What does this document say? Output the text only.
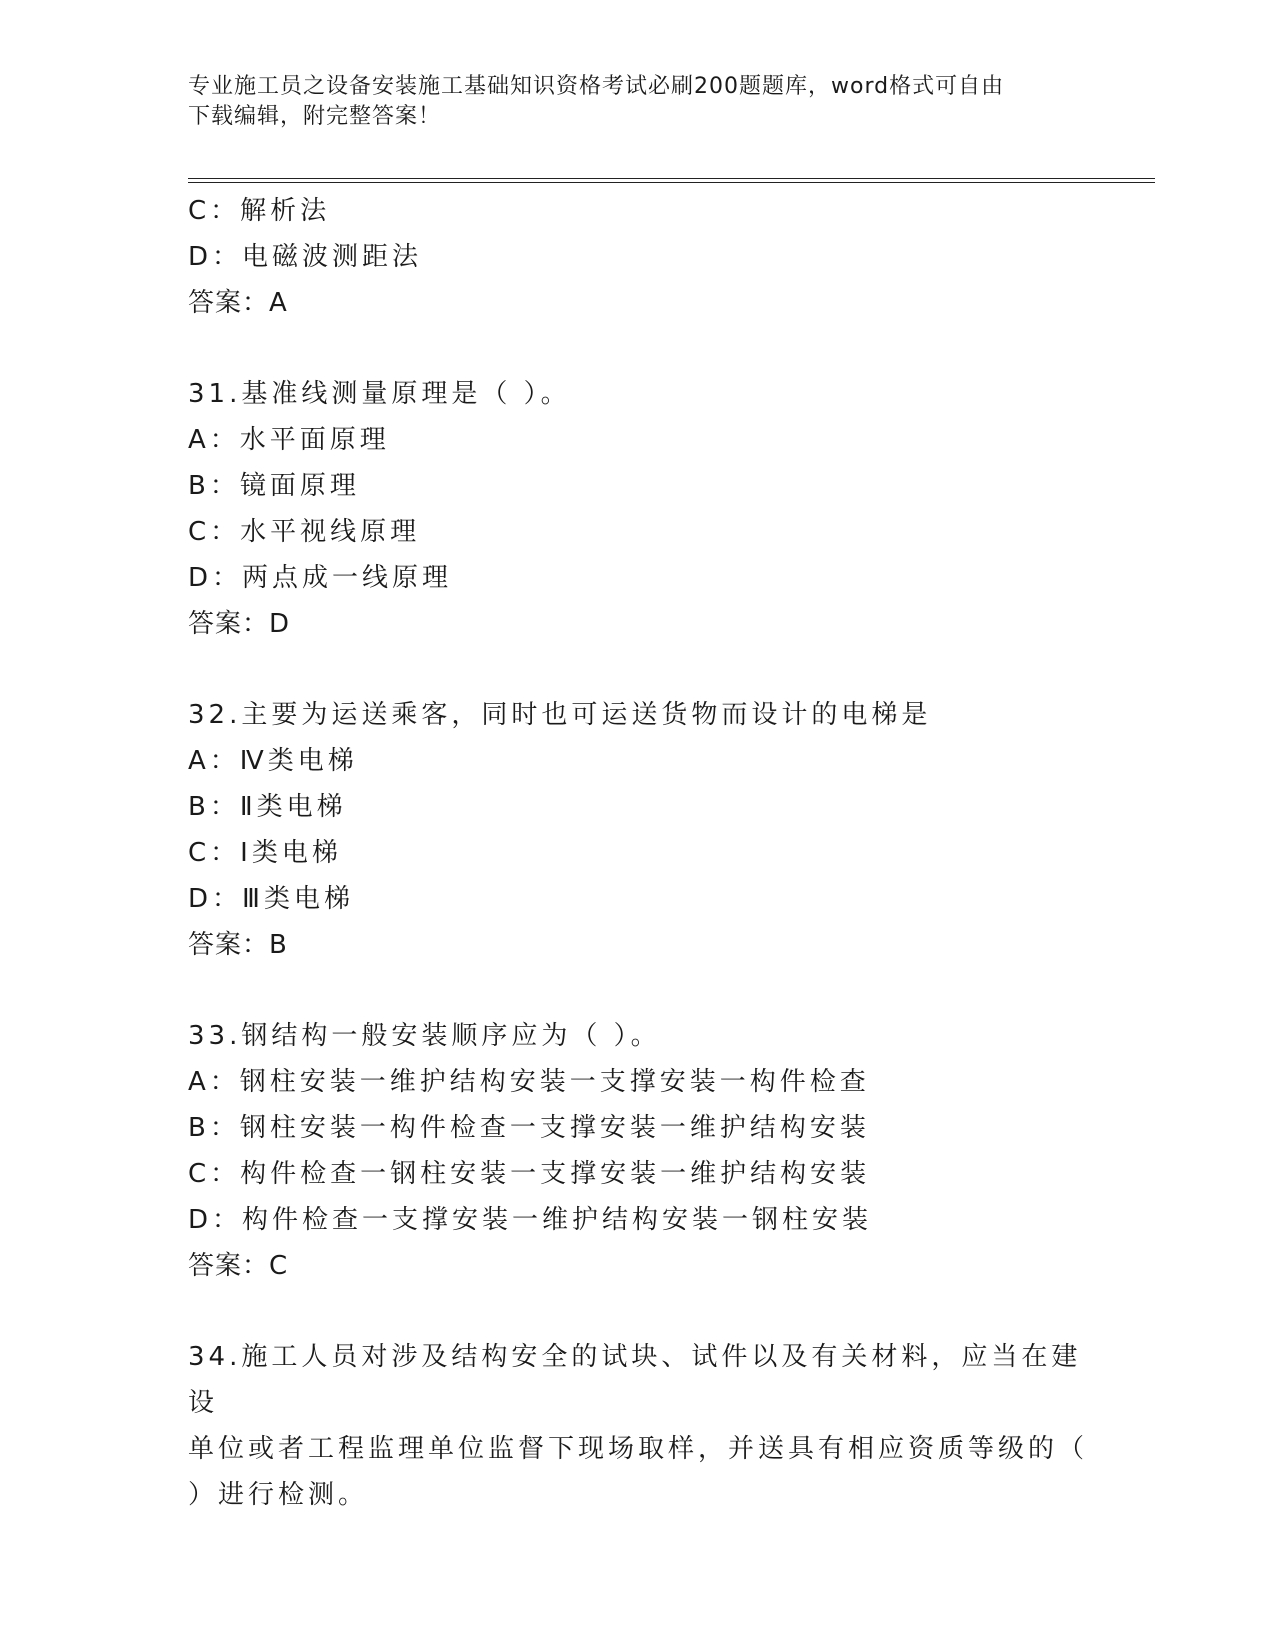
专业施工员之设备安装施工基础知识资格考试必刷200题题库，word格式可自由
下载编辑，附完整答案！
C：解析法
D：电磁波测距法
答案：A
31.基准线测量原理是（ ）。
A：水平面原理
B：镜面原理
C：水平视线原理
D：两点成一线原理
答案：D
32.主要为运送乘客，同时也可运送货物而设计的电梯是
A：Ⅳ类电梯
B：Ⅱ类电梯
C：Ⅰ类电梯
D：Ⅲ类电梯
答案：B
33.钢结构一般安装顺序应为（ ）。
A：钢柱安装一维护结构安装一支撑安装一构件检查
B：钢柱安装一构件检查一支撑安装一维护结构安装
C：构件检查一钢柱安装一支撑安装一维护结构安装
D：构件检查一支撑安装一维护结构安装一钢柱安装
答案：C
34.施工人员对涉及结构安全的试块、试件以及有关材料，应当在建设
单位或者工程监理单位监督下现场取样，并送具有相应资质等级的（
）进行检测。
